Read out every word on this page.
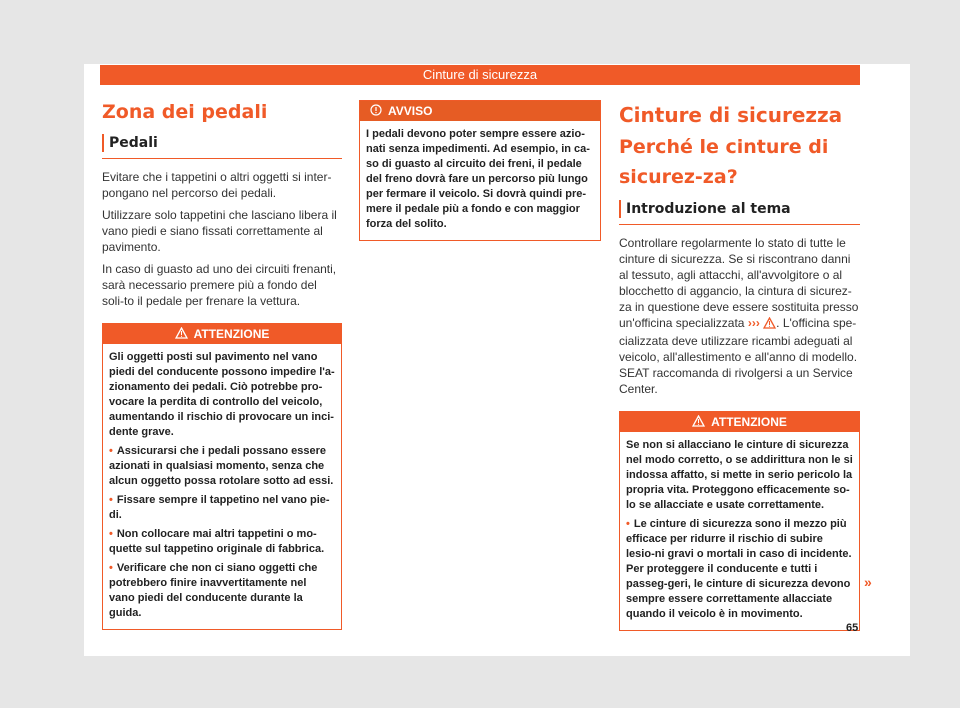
Cinture di sicurezza
Zona dei pedali
Pedali

Evitare che i tappetini o altri oggetti si inter-pongano nel percorso dei pedali.

Utilizzare solo tappetini che lasciano libera il vano piedi e siano fissati correttamente al pavimento.

In caso di guasto ad uno dei circuiti frenanti, sarà necessario premere più a fondo del soli-to il pedale per frenare la vettura.

ATTENZIONE

Gli oggetti posti sul pavimento nel vano piedi del conducente possono impedire l'a-zionamento dei pedali. Ciò potrebbe pro-vocare la perdita di controllo del veicolo, aumentando il rischio di provocare un inci-dente grave.

• Assicurarsi che i pedali possano essere azionati in qualsiasi momento, senza che alcun oggetto possa rotolare sotto ad essi.

• Fissare sempre il tappetino nel vano pie-di.

• Non collocare mai altri tappetini o mo-quette sul tappetino originale di fabbrica.

• Verificare che non ci siano oggetti che potrebbero finire inavvertitamente nel vano piedi del conducente durante la guida.

AVVISO

I pedali devono poter sempre essere azio-nati senza impedimenti. Ad esempio, in ca-so di guasto al circuito dei freni, il pedale del freno dovrà fare un percorso più lungo per fermare il veicolo. Si dovrà quindi pre-mere il pedale più a fondo e con maggior forza del solito.

Cinture di sicurezza
Perché le cinture di sicurez-za?
Introduzione al tema

Controllare regolarmente lo stato di tutte le cinture di sicurezza. Se si riscontrano danni al tessuto, agli attacchi, all'avvolgitore o al blocchetto di aggancio, la cintura di sicurez-za in questione deve essere sostituita presso un'officina specializzata ››› . L'officina spe-cializzata deve utilizzare ricambi adeguati al veicolo, all'allestimento e all'anno di modello. SEAT raccomanda di rivolgersi a un Service Center.

ATTENZIONE

Se non si allacciano le cinture di sicurezza nel modo corretto, o se addirittura non le si indossa affatto, si mette in serio pericolo la propria vita. Proteggono efficacemente so-lo se allacciate e usate correttamente.

• Le cinture di sicurezza sono il mezzo più efficace per ridurre il rischio di subire lesio-ni gravi o mortali in caso di incidente. Per proteggere il conducente e tutti i passeg-geri, le cinture di sicurezza devono sempre essere correttamente allacciate quando il veicolo è in movimento.

»
65
